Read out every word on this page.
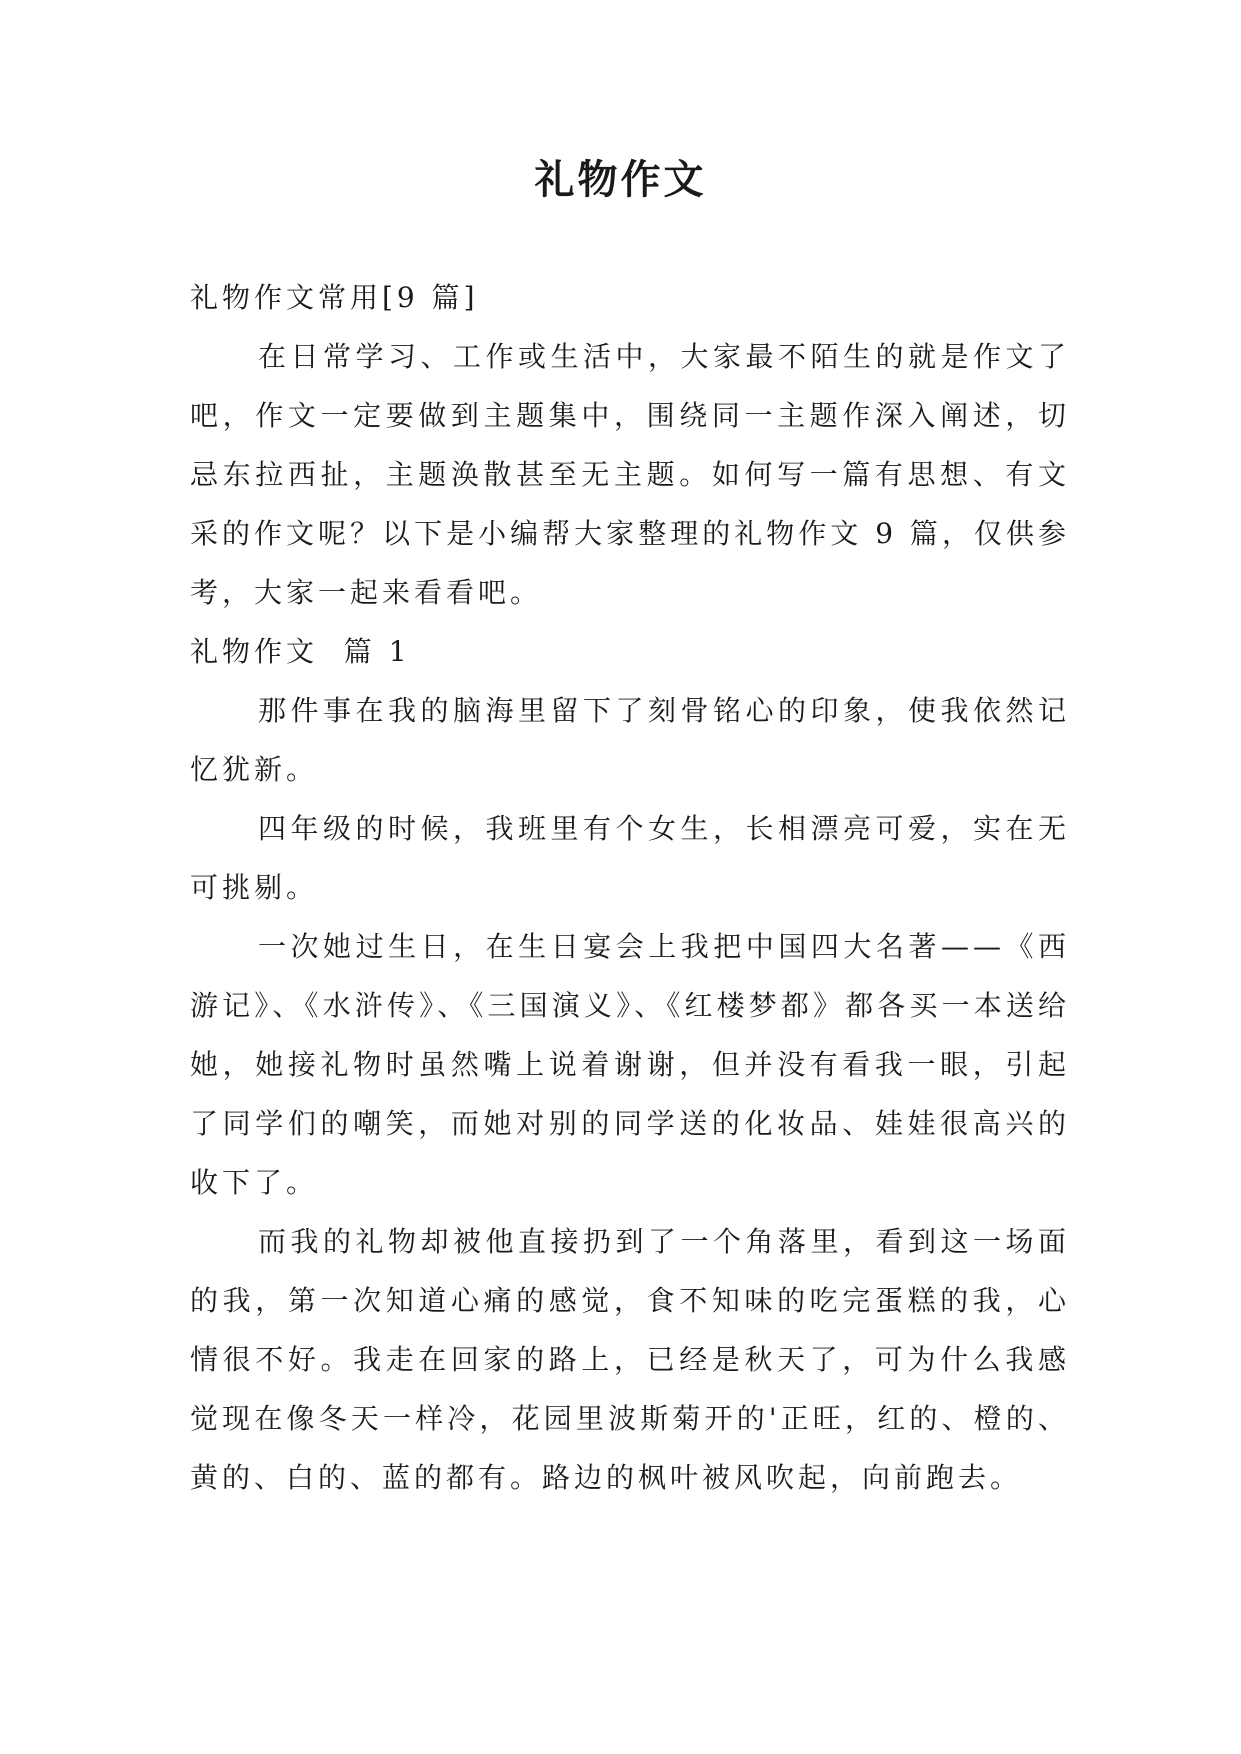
礼物作文

礼物作文常用[9 篇]

在日常学习、工作或生活中，大家最不陌生的就是作文了吧，作文一定要做到主题集中，围绕同一主题作深入阐述，切忌东拉西扯，主题涣散甚至无主题。如何写一篇有思想、有文采的作文呢？以下是小编帮大家整理的礼物作文 9 篇，仅供参考，大家一起来看看吧。

礼物作文  篇 1

那件事在我的脑海里留下了刻骨铭心的印象，使我依然记忆犹新。

四年级的时候，我班里有个女生，长相漂亮可爱，实在无可挑剔。

一次她过生日，在生日宴会上我把中国四大名著——《西游记》、《水浒传》、《三国演义》、《红楼梦都》都各买一本送给她，她接礼物时虽然嘴上说着谢谢，但并没有看我一眼，引起了同学们的嘲笑，而她对别的同学送的化妆品、娃娃很高兴的收下了。

而我的礼物却被他直接扔到了一个角落里，看到这一场面的我，第一次知道心痛的感觉，食不知味的吃完蛋糕的我，心情很不好。我走在回家的路上，已经是秋天了，可为什么我感觉现在像冬天一样冷，花园里波斯菊开的'正旺，红的、橙的、黄的、白的、蓝的都有。路边的枫叶被风吹起，向前跑去。
